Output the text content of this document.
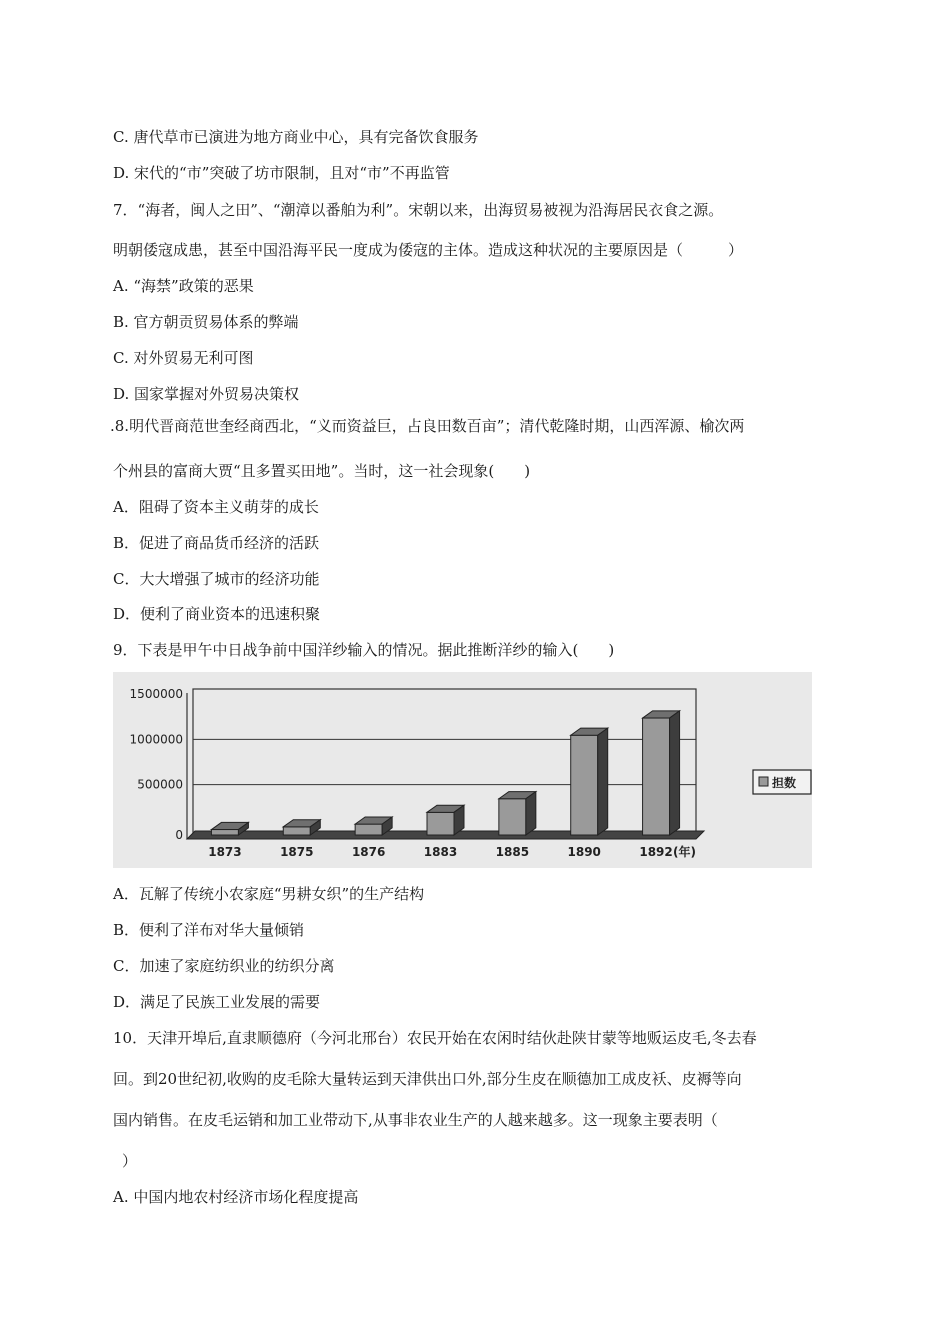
C. 唐代草市已演进为地方商业中心，具有完备饮食服务
D. 宋代的“市”突破了坊市限制，且对“市”不再监管
7．“海者，闽人之田”、“潮漳以番舶为利”。宋朝以来，出海贸易被视为沿海居民衣食之源。
明朝倭寇成患，甚至中国沿海平民一度成为倭寇的主体。造成这种状况的主要原因是（　　　）
A. “海禁”政策的恶果
B. 官方朝贡贸易体系的弊端
C. 对外贸易无利可图
D. 国家掌握对外贸易决策权
.8.明代晋商范世奎经商西北，“义而资益巨，占良田数百亩”；清代乾隆时期，山西浑源、榆次两
个州县的富商大贾“且多置买田地”。当时，这一社会现象(　　)
A．阻碍了资本主义萌芽的成长
B．促进了商品货币经济的活跃
C．大大增强了城市的经济功能
D．便利了商业资本的迅速积聚
9．下表是甲午中日战争前中国洋纱输入的情况。据此推断洋纱的输入(　　)
0
500000
1000000
1500000
1873	1875	1876	1883	1885	1890	1892 (年)
担数
A．瓦解了传统小农家庭“男耕女织”的生产结构
B．便利了洋布对华大量倾销
C．加速了家庭纺织业的纺织分离
D．满足了民族工业发展的需要
10．天津开埠后,直隶顺德府（今河北邢台）农民开始在农闲时结伙赴陕甘蒙等地贩运皮毛,冬去春
回。到20世纪初,收购的皮毛除大量转运到天津供出口外,部分生皮在顺德加工成皮袄、皮褥等向
国内销售。在皮毛运销和加工业带动下,从事非农业生产的人越来越多。这一现象主要表明（
）
A. 中国内地农村经济市场化程度提高
